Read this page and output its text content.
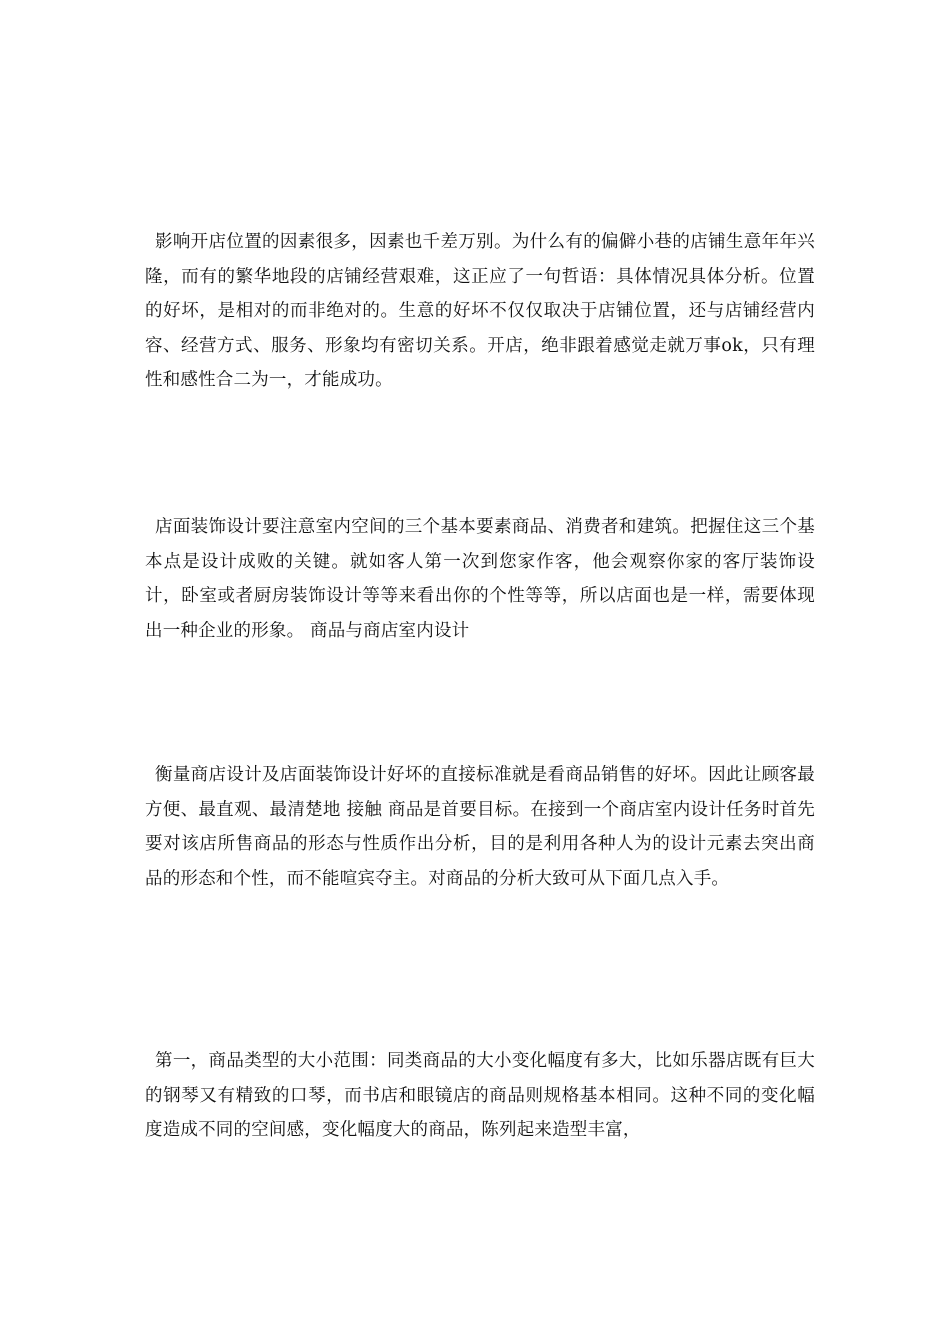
影响开店位置的因素很多，因素也千差万别。为什么有的偏僻小巷的店铺生意年年兴隆，而有的繁华地段的店铺经营艰难，这正应了一句哲语：具体情况具体分析。位置的好坏，是相对的而非绝对的。生意的好坏不仅仅取决于店铺位置，还与店铺经营内容、经营方式、服务、形象均有密切关系。开店，绝非跟着感觉走就万事ok，只有理性和感性合二为一，才能成功。

店面装饰设计要注意室内空间的三个基本要素商品、消费者和建筑。把握住这三个基本点是设计成败的关键。就如客人第一次到您家作客，他会观察你家的客厅装饰设计，卧室或者厨房装饰设计等等来看出你的个性等等，所以店面也是一样，需要体现出一种企业的形象。 商品与商店室内设计

衡量商店设计及店面装饰设计好坏的直接标准就是看商品销售的好坏。因此让顾客最方便、最直观、最清楚地 接触 商品是首要目标。在接到一个商店室内设计任务时首先要对该店所售商品的形态与性质作出分析，目的是利用各种人为的设计元素去突出商品的形态和个性，而不能喧宾夺主。对商品的分析大致可从下面几点入手。

第一，商品类型的大小范围：同类商品的大小变化幅度有多大，比如乐器店既有巨大的钢琴又有精致的口琴，而书店和眼镜店的商品则规格基本相同。这种不同的变化幅度造成不同的空间感，变化幅度大的商品，陈列起来造型丰富，
